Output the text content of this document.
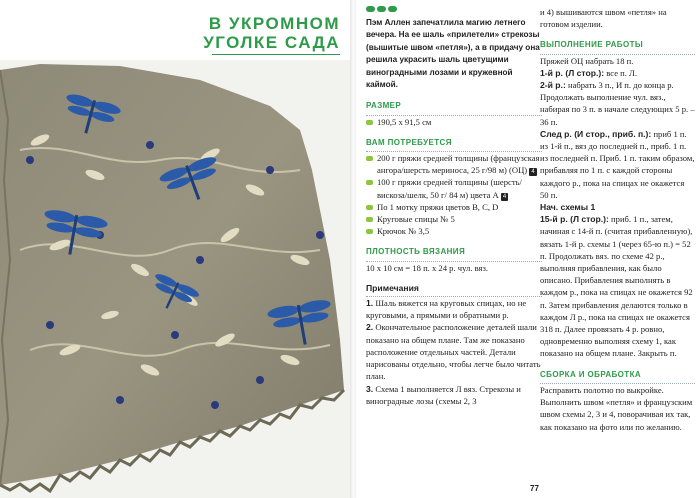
В УКРОМНОМ
УГОЛКЕ САДА

Пэм Аллен запечатлила магию летнего вечера. На ее шаль «прилетели» стрекозы (вышитые швом «петля»), а в придачу она решила украсить шаль цветущими виноградными лозами и кружевной каймой.

РАЗМЕР
190,5 x 91,5 см
ВАМ ПОТРЕБУЕТСЯ
200 г пряжи средней толщины (французская ангора/шерсть мериноса, 25 г/98 м) (ОЦ) 4
100 г пряжи средней толщины (шерсть/вискоза/шелк, 50 г/ 84 м) цвета А 4
По 1 мотку пряжи цветов В, С, D
Круговые спицы № 5
Крючок № 3,5
ПЛОТНОСТЬ ВЯЗАНИЯ

10 х 10 см = 18 п. х 24 р. чул. вяз.

Примечания

1. Шаль вяжется на круговых спицах, но не круговыми, а прямыми и обратными р.

2. Окончательное расположение деталей шали показано на общем плане. Там же показано расположение отдельных частей. Детали нарисованы отдельно, чтобы легче было читать план.

3. Схема 1 выполняется Л вяз. Стрекозы и виноградные лозы (схемы 2, 3

и 4) вышиваются швом «петля» на готовом изделии.

ВЫПОЛНЕНИЕ РАБОТЫ

Пряжей ОЦ набрать 18 п.

1-й р. (Л стор.): все п. Л.

2-й р.: набрать 3 п., И п. до конца р.

Продолжать выполнение чул. вяз., набирая по 3 п. в начале следующих 5 р. – 36 п.

След р. (И стор., приб. п.): приб 1 п. из 1-й п., вяз до последней п., приб. 1 п. из последней п. Приб. 1 п. таким образом, прибавляя по 1 п. с каждой стороны каждого р., пока на спицах не окажется 50 п.

Нач. схемы 1

15-й р. (Л стор.): приб. 1 п., затем, начиная с 14-й п. (считая прибавленную), вязать 1-й р. схемы 1 (через 65-ю п.) = 52 п. Продолжать вяз. по схеме 42 р., выполняя прибавления, как было описано. Прибавления выполнять в каждом р., пока на спицах не окажется 92 п. Затем прибавления делаются только в каждом Л р., пока на спицах не окажется 318 п. Далее провязать 4 р. ровно, одновременно выполняя схему 1, как показано на общем плане. Закрыть п.

СБОРКА И ОБРАБОТКА

Расправить полотно по выкройке. Выполнить швом «петля» и французским швом схемы 2, 3 и 4, поворачивая их так, как показано на фото или по желанию.

77
